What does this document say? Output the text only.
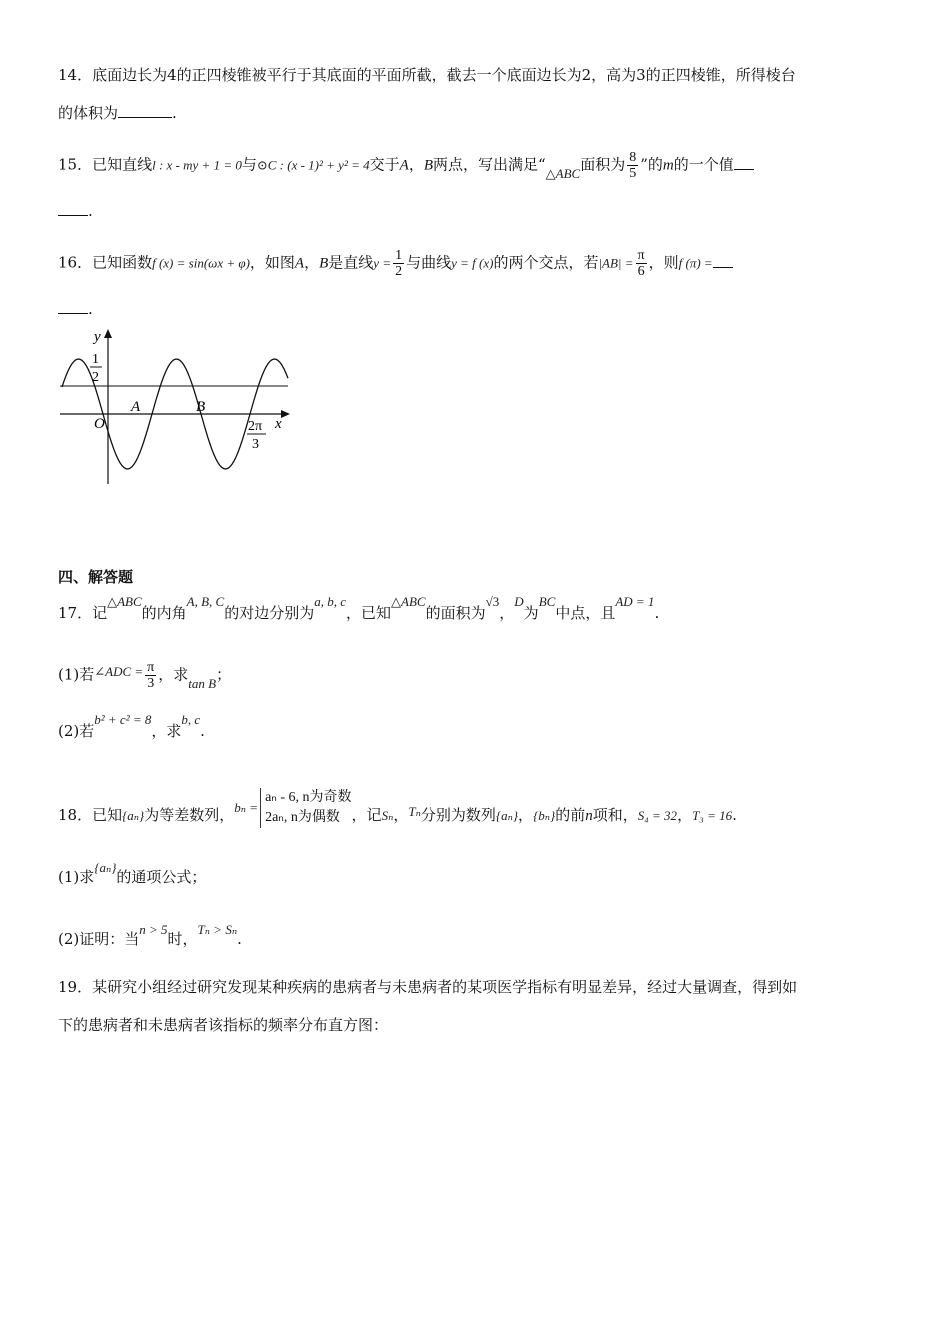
14．底面边长为4的正四棱锥被平行于其底面的平面所截，截去一个底面边长为2，高为3的正四棱锥，所得棱台
的体积为	.
15．已知直线l : x - my + 1 = 0与⊙C : (x - 1)² + y² = 4交于A，B两点，写出满足“△ABC面积为 $\frac{8}{5}$ ”的m的一个值
.
16．已知函数f (x) = sin(ωx + φ)，如图A，B是直线$y = \frac{1}{2}$ 与曲线y = f (x)的两个交点，若$|AB| = \frac{\pi}{6}$ ，则f (π) =
.
y
x
O
1
2
A	B
2π
3
四、解答题
17．记△ABC的内角A, B, C的对边分别为a, b, c，已知△ABC的面积为√3，D为BC中点，且AD = 1.
(1)若∠ADC = $\frac{\pi}{3}$ ，求tan B；
(2)若b² + c² = 8，求b, c.
18．已知{aₙ}为等差数列，bₙ =
aₙ - 6, n为奇数
2aₙ, n为偶数 ，记Sₙ，Tₙ分别为数列{aₙ}，{bₙ}的前n项和，S₄ = 32，T₃ = 16.
(1)求{aₙ}的通项公式；
(2)证明：当n > 5时，Tₙ > Sₙ.
19．某研究小组经过研究发现某种疾病的患病者与未患病者的某项医学指标有明显差异，经过大量调查，得到如
下的患病者和未患病者该指标的频率分布直方图：
